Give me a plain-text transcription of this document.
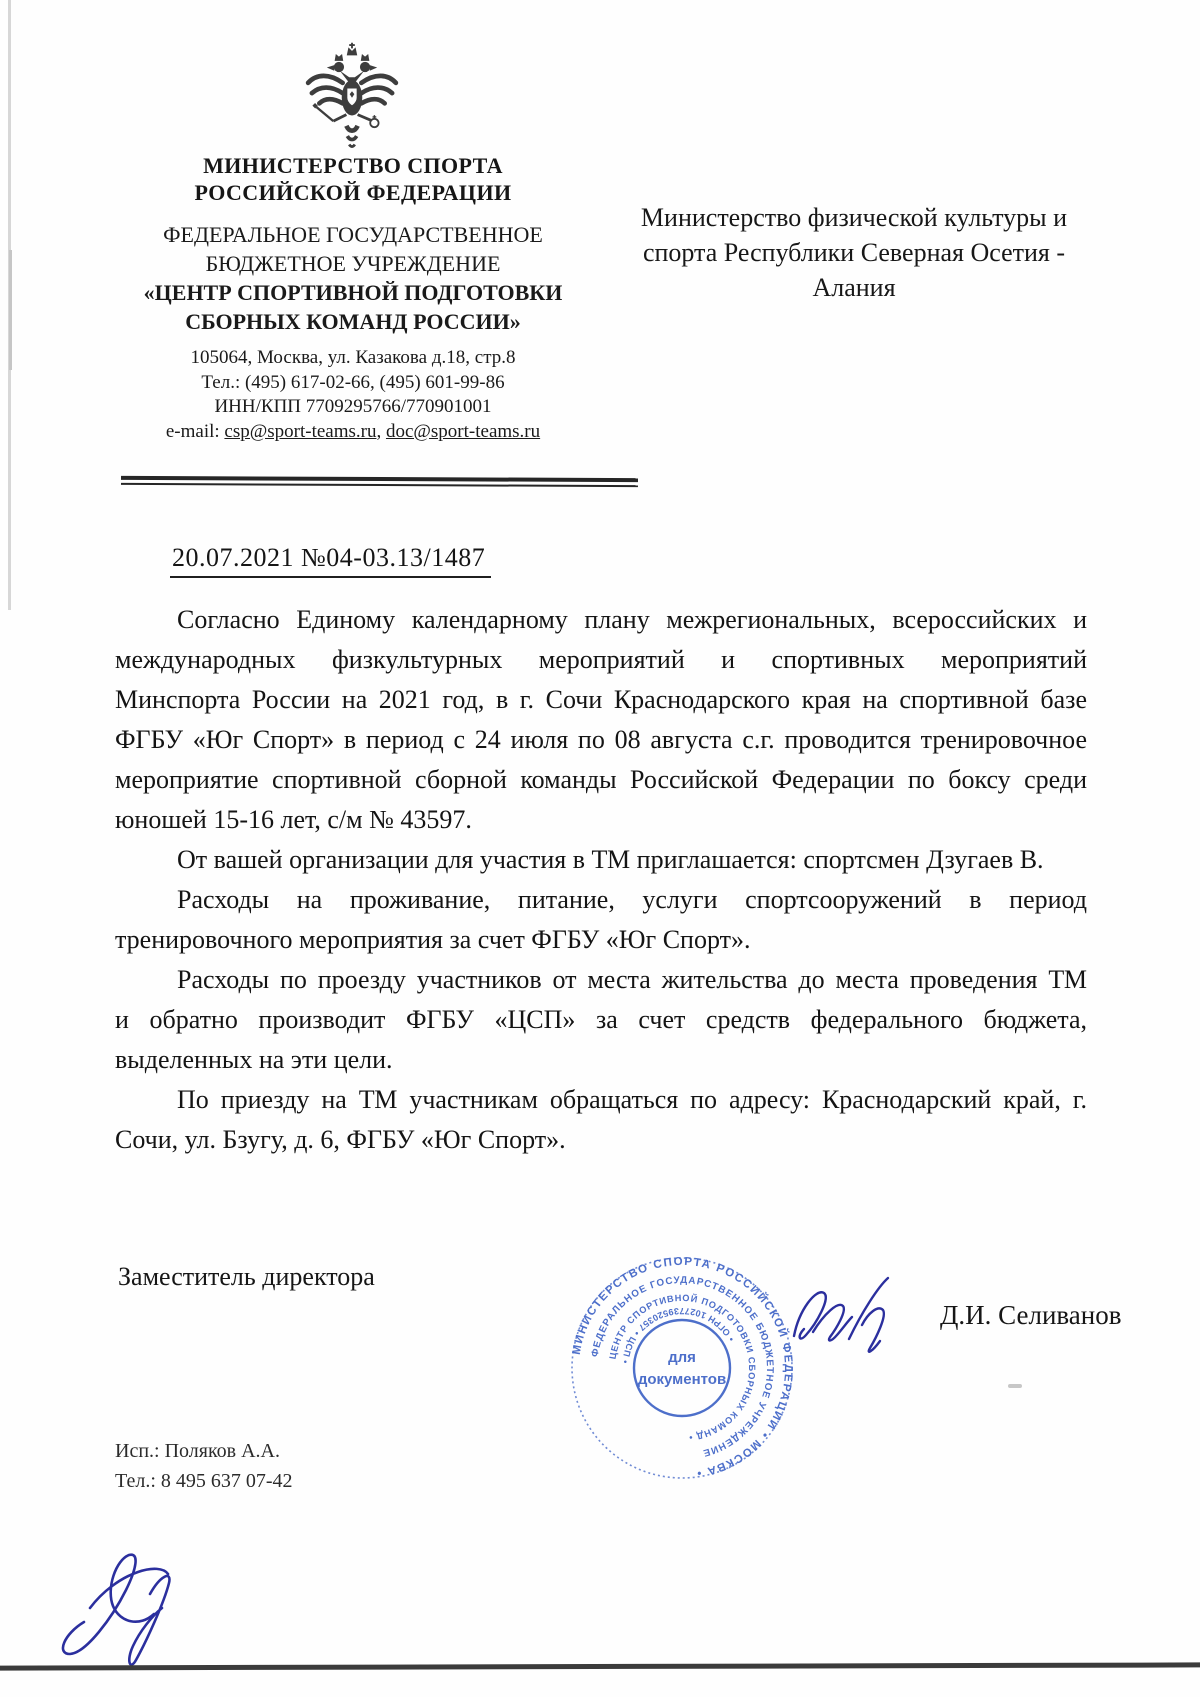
МИНИСТЕРСТВО СПОРТА
РОССИЙСКОЙ ФЕДЕРАЦИИ
ФЕДЕРАЛЬНОЕ ГОСУДАРСТВЕННОЕ
БЮДЖЕТНОЕ УЧРЕЖДЕНИЕ
«ЦЕНТР СПОРТИВНОЙ ПОДГОТОВКИ
СБОРНЫХ КОМАНД РОССИИ»
105064, Москва, ул. Казакова д.18, стр.8
Тел.: (495) 617-02-66, (495) 601-99-86
ИНН/КПП 7709295766/770901001
e-mail: csp@sport-teams.ru, doc@sport-teams.ru
Министерство физической культуры и
спорта Республики Северная Осетия -
Алания
20.07.2021 №04-03.13/1487
Согласно Единому календарному плану межрегиональных, всероссийских и
международных физкультурных мероприятий и спортивных мероприятий
Минспорта России на 2021 год, в г. Сочи Краснодарского края на спортивной базе
ФГБУ «Юг Спорт» в период с 24 июля по 08 августа с.г. проводится тренировочное
мероприятие спортивной сборной команды Российской Федерации по боксу среди
юношей 15-16 лет, с/м № 43597.
От вашей организации для участия в ТМ приглашается: спортсмен Дзугаев В.
Расходы на проживание, питание, услуги спортсооружений в период
тренировочного мероприятия за счет ФГБУ «Юг Спорт».
Расходы по проезду участников от места жительства до места проведения ТМ
и обратно производит ФГБУ «ЦСП» за счет средств федерального бюджета,
выделенных на эти цели.
По приезду на ТМ участникам обращаться по адресу: Краснодарский край, г.
Сочи, ул. Бзугу, д. 6, ФГБУ «Юг Спорт».
Заместитель директора
Д.И. Селиванов
МИНИСТЕРСТВО СПОРТА РОССИЙСКОЙ ФЕДЕРАЦИИ • МОСКВА •
ФЕДЕРАЛЬНОЕ ГОСУДАРСТВЕННОЕ БЮДЖЕТНОЕ УЧРЕЖДЕНИЕ
ЦЕНТР СПОРТИВНОЙ ПОДГОТОВКИ СБОРНЫХ КОМАНД •
• ОГРН 1027739520357 • ЦСП •	для
документов
Исп.: Поляков А.А.
Тел.: 8 495 637 07-42
